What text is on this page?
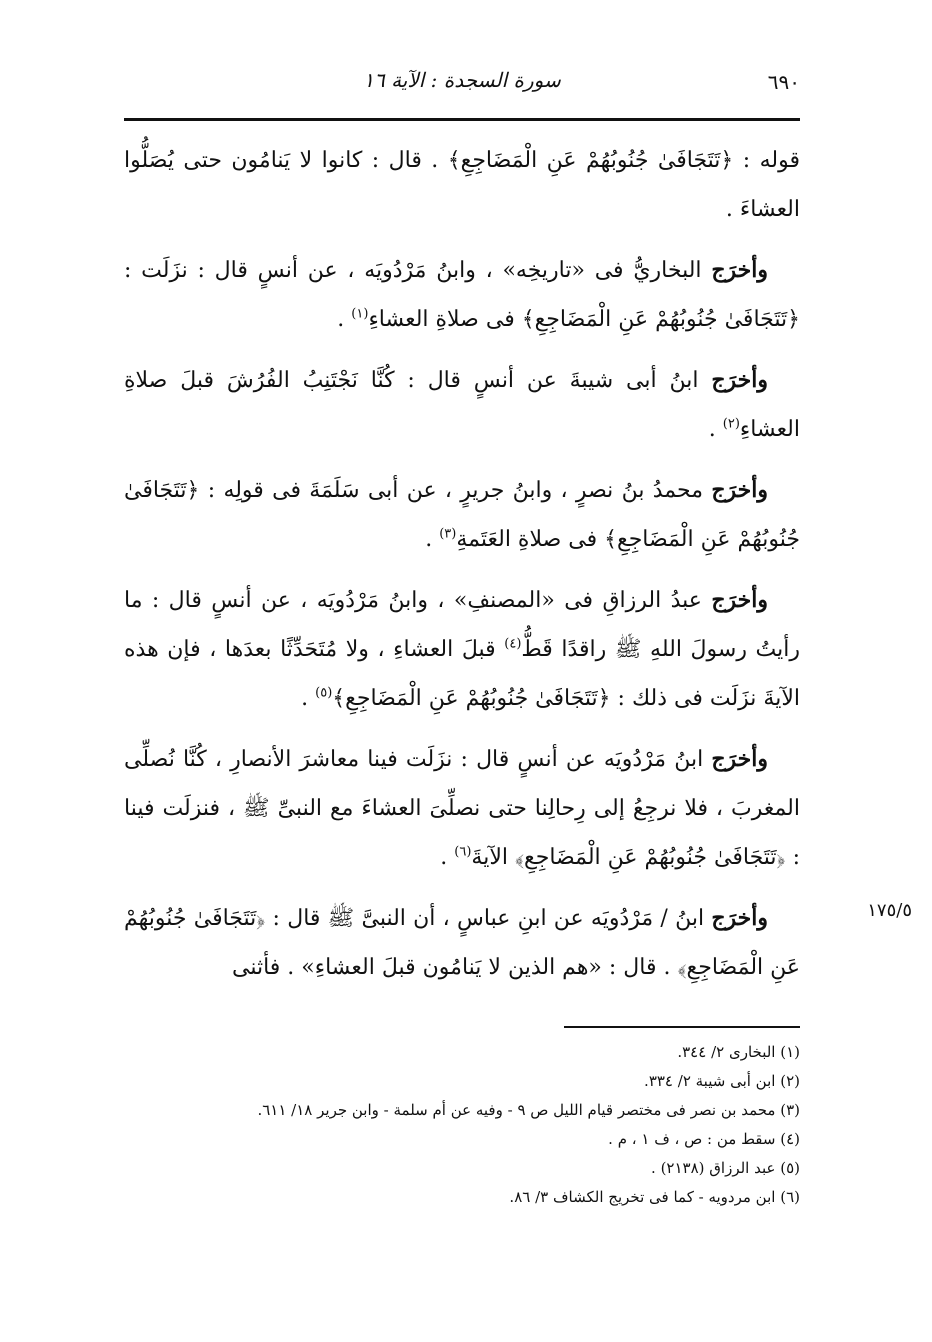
٦٩٠
سورة السجدة : الآية ١٦
١٧٥/٥

قوله : ﴿تَتَجَافَىٰ جُنُوبُهُمْ عَنِ الْمَضَاجِعِ﴾ . قال : كانوا لا يَنامُون حتى يُصَلُّوا العشاءَ .

وأخرَج البخاريُّ فى «تاريخِه» ، وابنُ مَرْدُويَه ، عن أنسٍ قال : نزَلَت : ﴿تَتَجَافَىٰ جُنُوبُهُمْ عَنِ الْمَضَاجِعِ﴾ فى صلاةِ العشاءِ$^{(١)}$ .

وأخرَج ابنُ أبى شيبةَ عن أنسٍ قال : كُنَّا نَجْتَنِبُ الفُرُشَ قبلَ صلاةِ العشاءِ$^{(٢)}$ .

وأخرَج محمدُ بنُ نصرٍ ، وابنُ جريرٍ ، عن أبى سَلَمَةَ فى قولِه : ﴿تَتَجَافَىٰ جُنُوبُهُمْ عَنِ الْمَضَاجِعِ﴾ فى صلاةِ العَتَمةِ$^{(٣)}$ .

وأخرَج عبدُ الرزاقِ فى «المصنفِ» ، وابنُ مَرْدُويَه ، عن أنسٍ قال : ما رأيتُ رسولَ اللهِ ﷺ راقدًا قَطُّ$^{(٤)}$ قبلَ العشاءِ ، ولا مُتَحَدِّثًا بعدَها ، فإن هذه الآيةَ نزَلَت فى ذلك : ﴿تَتَجَافَىٰ جُنُوبُهُمْ عَنِ الْمَضَاجِعِ﴾$^{(٥)}$ .

وأخرَج ابنُ مَرْدُويَه عن أنسٍ قال : نزَلَت فينا معاشرَ الأنصارِ ، كُنَّا نُصلِّى المغربَ ، فلا نرجِعُ إلى رِحالِنا حتى نصلِّىَ العشاءَ مع النبىِّ ﷺ ، فنزلَت فينا : ﴿تَتَجَافَىٰ جُنُوبُهُمْ عَنِ الْمَضَاجِعِ﴾ الآيةَ$^{(٦)}$ .

وأخرَج ابنُ / مَرْدُويَه عن ابنِ عباسٍ ، أن النبىَّ ﷺ قال : ﴿تَتَجَافَىٰ جُنُوبُهُمْ عَنِ الْمَضَاجِعِ﴾ . قال : «هم الذين لا يَنامُون قبلَ العشاءِ» . فأثنى

(١) البخارى ٢/ ٣٤٤.
(٢) ابن أبى شيبة ٢/ ٣٣٤.
(٣) محمد بن نصر فى مختصر قيام الليل ص ٩ - وفيه عن أم سلمة - وابن جرير ١٨/ ٦١١.
(٤) سقط من : ص ، ف ١ ، م .
(٥) عبد الرزاق (٢١٣٨) .
(٦) ابن مردويه - كما فى تخريج الكشاف ٣/ ٨٦.
